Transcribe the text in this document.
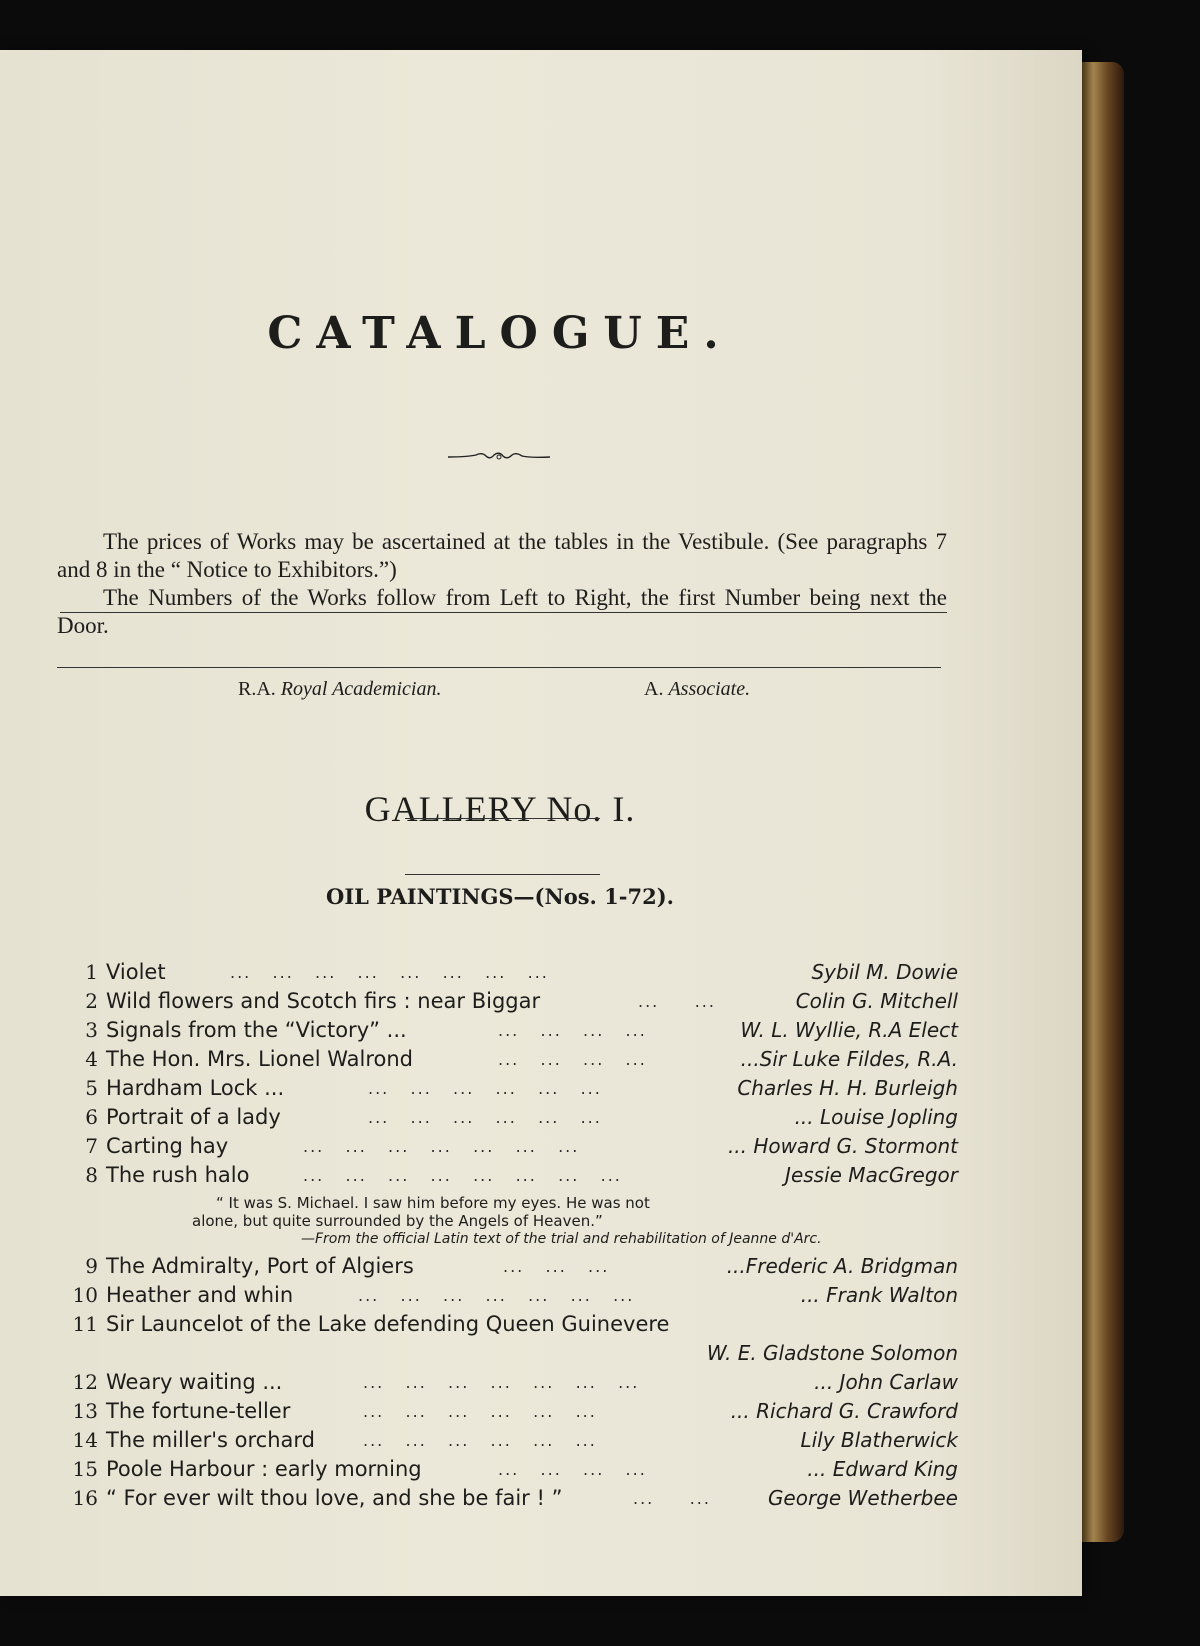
CATALOGUE.

The prices of Works may be ascertained at the tables in the Vestibule. (See paragraphs 7 and 8 in the “ Notice to Exhibitors.”)

The Numbers of the Works follow from Left to Right, the first Number being next the Door.

R.A. Royal Academician.	A. Associate.
GALLERY No. I.
OIL PAINTINGS—(Nos. 1-72).
1 Violet	...   ...   ...   ...   ...   ...   ...   ...	Sybil M. Dowie
2 Wild flowers and Scotch firs : near Biggar	...     ...	Colin G. Mitchell
3 Signals from the “Victory” ...	...   ...   ...   ...	W. L. Wyllie, R.A Elect
4 The Hon. Mrs. Lionel Walrond	...   ...   ...   ...	...Sir Luke Fildes, R.A.
5 Hardham Lock ...	...   ...   ...   ...   ...   ...	Charles H. H. Burleigh
6 Portrait of a lady	...   ...   ...   ...   ...   ...	... Louise Jopling
7 Carting hay	...   ...   ...   ...   ...   ...   ...	... Howard G. Stormont
8 The rush halo	...   ...   ...   ...   ...   ...   ...   ...	Jessie MacGregor
“ It was S. Michael. I saw him before my eyes. He was not
alone, but quite surrounded by the Angels of Heaven.”
—From the official Latin text of the trial and rehabilitation of Jeanne d'Arc.
9 The Admiralty, Port of Algiers	...   ...   ...	...Frederic A. Bridgman
10 Heather and whin	...   ...   ...   ...   ...   ...   ...	... Frank Walton
11 Sir Launcelot of the Lake defending Queen Guinevere
W. E. Gladstone Solomon
12 Weary waiting ...	...   ...   ...   ...   ...   ...   ...	... John Carlaw
13 The fortune-teller	...   ...   ...   ...   ...   ...	... Richard G. Crawford
14 The miller's orchard	...   ...   ...   ...   ...   ...	Lily Blatherwick
15 Poole Harbour : early morning	...   ...   ...   ...	... Edward King
16 “ For ever wilt thou love, and she be fair ! ”	...     ...	George Wetherbee
